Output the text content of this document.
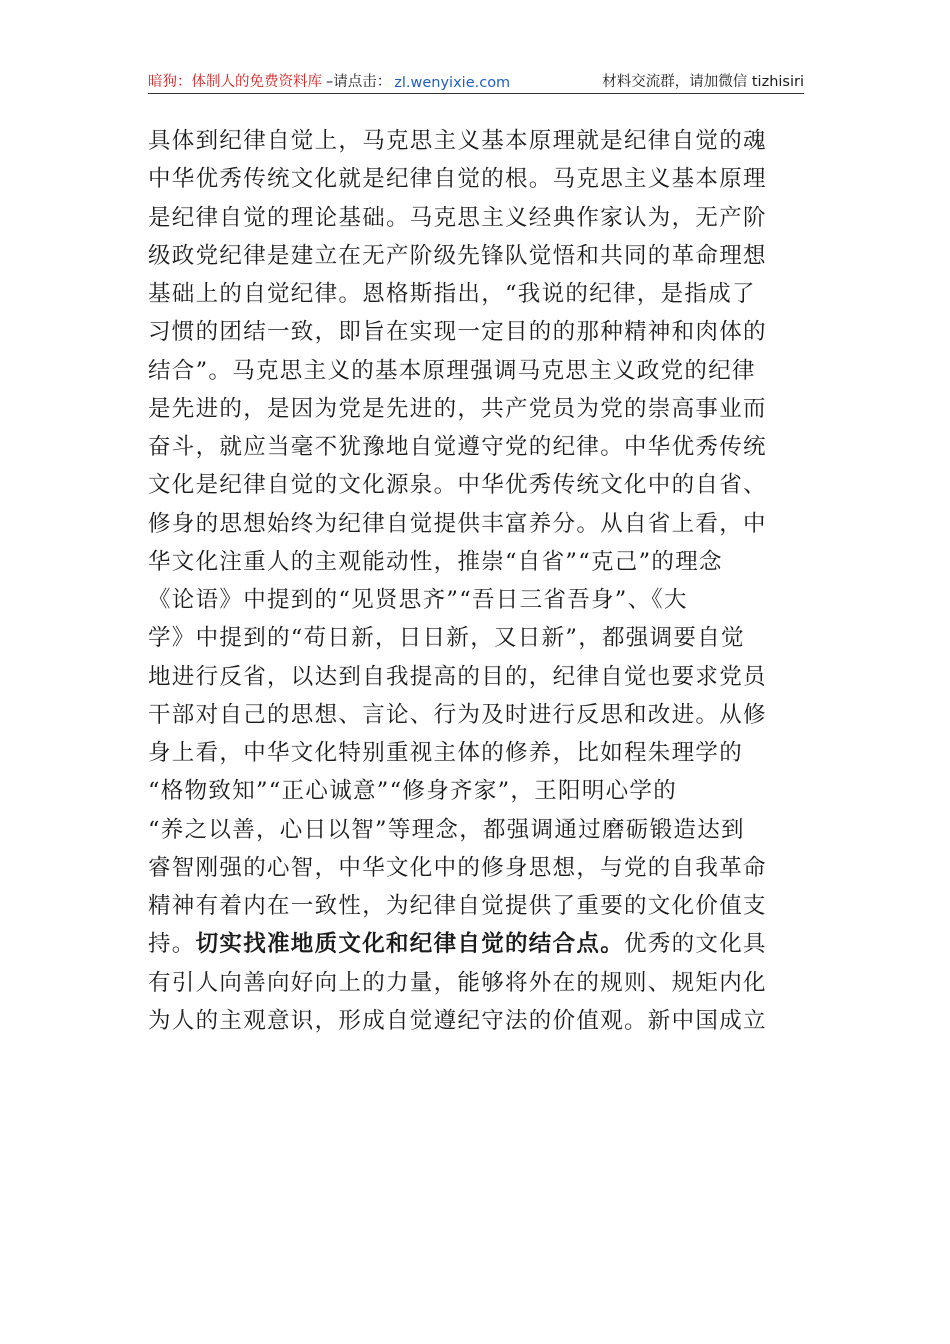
暗狗：体制人的免费资料库 –请点击： zl.wenyixie.com	材料交流群，请加微信 tizhisiri
具体到纪律自觉上，马克思主义基本原理就是纪律自觉的魂
中华优秀传统文化就是纪律自觉的根。马克思主义基本原理
是纪律自觉的理论基础。马克思主义经典作家认为，无产阶
级政党纪律是建立在无产阶级先锋队觉悟和共同的革命理想
基础上的自觉纪律。恩格斯指出，“我说的纪律，是指成了
习惯的团结一致，即旨在实现一定目的的那种精神和肉体的
结合”。马克思主义的基本原理强调马克思主义政党的纪律
是先进的，是因为党是先进的，共产党员为党的崇高事业而
奋斗，就应当毫不犹豫地自觉遵守党的纪律。中华优秀传统
文化是纪律自觉的文化源泉。中华优秀传统文化中的自省、
修身的思想始终为纪律自觉提供丰富养分。从自省上看，中
华文化注重人的主观能动性，推崇“自省”“克己”的理念
《论语》中提到的“见贤思齐”“吾日三省吾身”、《大
学》中提到的“苟日新，日日新，又日新”，都强调要自觉
地进行反省，以达到自我提高的目的，纪律自觉也要求党员
干部对自己的思想、言论、行为及时进行反思和改进。从修
身上看，中华文化特别重视主体的修养，比如程朱理学的
“格物致知”“正心诚意”“修身齐家”，王阳明心学的
“养之以善，心日以智”等理念，都强调通过磨砺锻造达到
睿智刚强的心智，中华文化中的修身思想，与党的自我革命
精神有着内在一致性，为纪律自觉提供了重要的文化价值支
持。切实找准地质文化和纪律自觉的结合点。优秀的文化具
有引人向善向好向上的力量，能够将外在的规则、规矩内化
为人的主观意识，形成自觉遵纪守法的价值观。新中国成立
